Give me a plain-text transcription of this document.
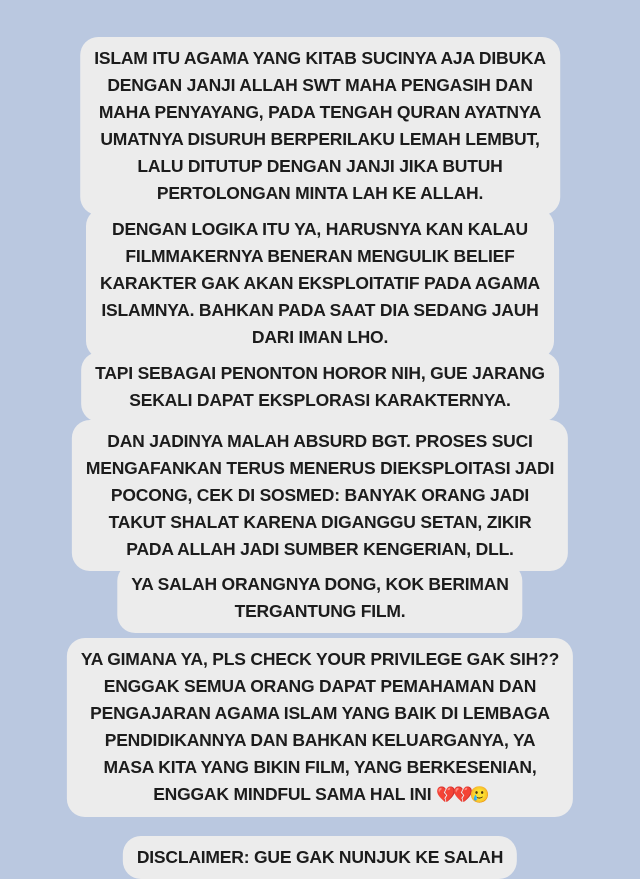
ISLAM ITU AGAMA YANG KITAB SUCINYA AJA DIBUKA
DENGAN JANJI ALLAH SWT MAHA PENGASIH DAN
MAHA PENYAYANG, PADA TENGAH QURAN AYATNYA
UMATNYA DISURUH BERPERILAKU LEMAH LEMBUT,
LALU DITUTUP DENGAN JANJI JIKA BUTUH
PERTOLONGAN MINTA LAH KE ALLAH.
DENGAN LOGIKA ITU YA, HARUSNYA KAN KALAU
FILMMAKERNYA BENERAN MENGULIK BELIEF
KARAKTER GAK AKAN EKSPLOITATIF PADA AGAMA
ISLAMNYA. BAHKAN PADA SAAT DIA SEDANG JAUH
DARI IMAN LHO.
TAPI SEBAGAI PENONTON HOROR NIH, GUE JARANG
SEKALI DAPAT EKSPLORASI KARAKTERNYA.
DAN JADINYA MALAH ABSURD BGT. PROSES SUCI
MENGAFANKAN TERUS MENERUS DIEKSPLOITASI JADI
POCONG, CEK DI SOSMED: BANYAK ORANG JADI
TAKUT SHALAT KARENA DIGANGGU SETAN, ZIKIR
PADA ALLAH JADI SUMBER KENGERIAN, DLL.
YA SALAH ORANGNYA DONG, KOK BERIMAN
TERGANTUNG FILM.
YA GIMANA YA, PLS CHECK YOUR PRIVILEGE GAK SIH??
ENGGAK SEMUA ORANG DAPAT PEMAHAMAN DAN
PENGAJARAN AGAMA ISLAM YANG BAIK DI LEMBAGA
PENDIDIKANNYA DAN BAHKAN KELUARGANYA, YA
MASA KITA YANG BIKIN FILM, YANG BERKESENIAN,
ENGGAK MINDFUL SAMA HAL INI 💔💔🥲
DISCLAIMER: GUE GAK NUNJUK KE SALAH
